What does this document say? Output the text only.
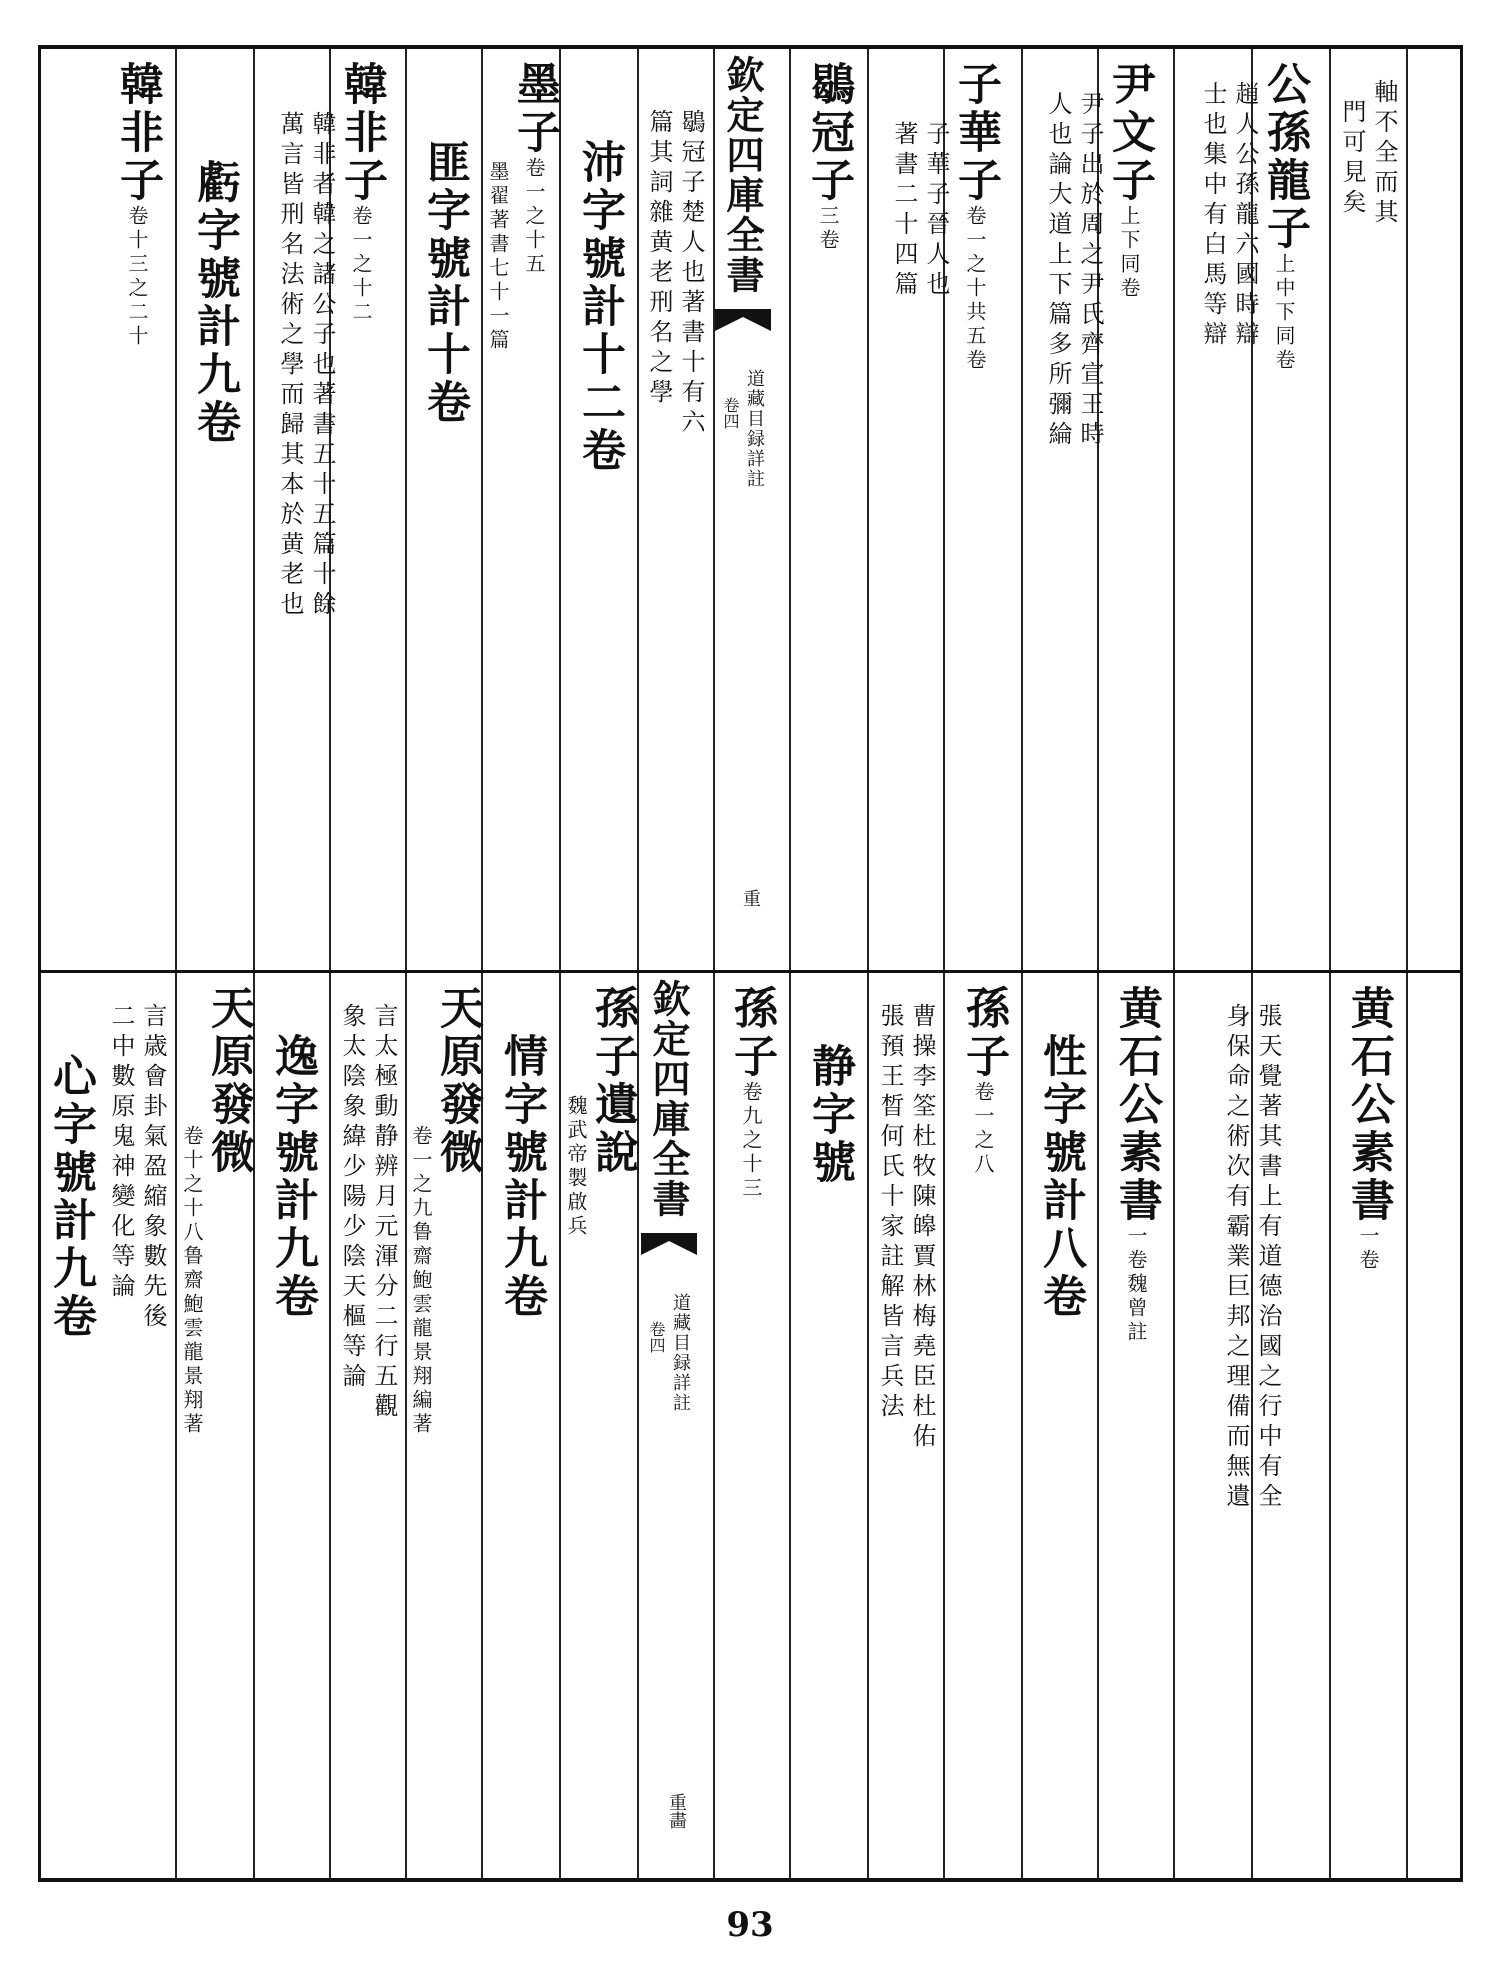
軸不全而其
門可見矣
公孫龍子
上中下同卷
趙人公孫龍六國時辯
士也集中有白馬等辯
尹文子
上下同卷
尹子出於周之尹氏齊宣王時
人也論大道上下篇多所彌綸
子華子
卷一之十共五卷
子華子晉人也
著書二十四篇
鶡冠子
三卷
欽定四庫全書
道藏目録詳註
卷四
重
鶡冠子楚人也著書十有六
篇其詞雜黄老刑名之學
沛字號計十二卷
墨子
卷一之十五
墨翟著書七十一篇
匪字號計十卷
韓非子
卷一之十二
韓非者韓之諸公子也著書五十五篇十餘
萬言皆刑名法術之學而歸其本於黄老也
虧字號計九卷
韓非子
卷十三之二十
黄石公素書
一卷
張天覺著其書上有道德治國之行中有全
身保命之術次有霸業巨邦之理備而無遺
黄石公素書
一卷魏曾註
性字號計八卷
孫子
卷一之八
曹操李筌杜牧陳皞賈林梅堯臣杜佑
張預王晳何氏十家註解皆言兵法
静字號
孫子
卷九之十三
欽定四庫全書
道藏目録詳註
卷四
重畵
孫子遺說
魏武帝製啟兵
情字號計九卷
天原發微
卷一之九鲁齋鮑雲龍景翔編著
言太極動静辨月元渾分二行五觀
象太陰象緯少陽少陰天樞等論
逸字號計九卷
天原發微
卷十之十八鲁齋鮑雲龍景翔著
言歳會卦氣盈縮象數先後
二中數原鬼神變化等論
心字號計九卷
93
